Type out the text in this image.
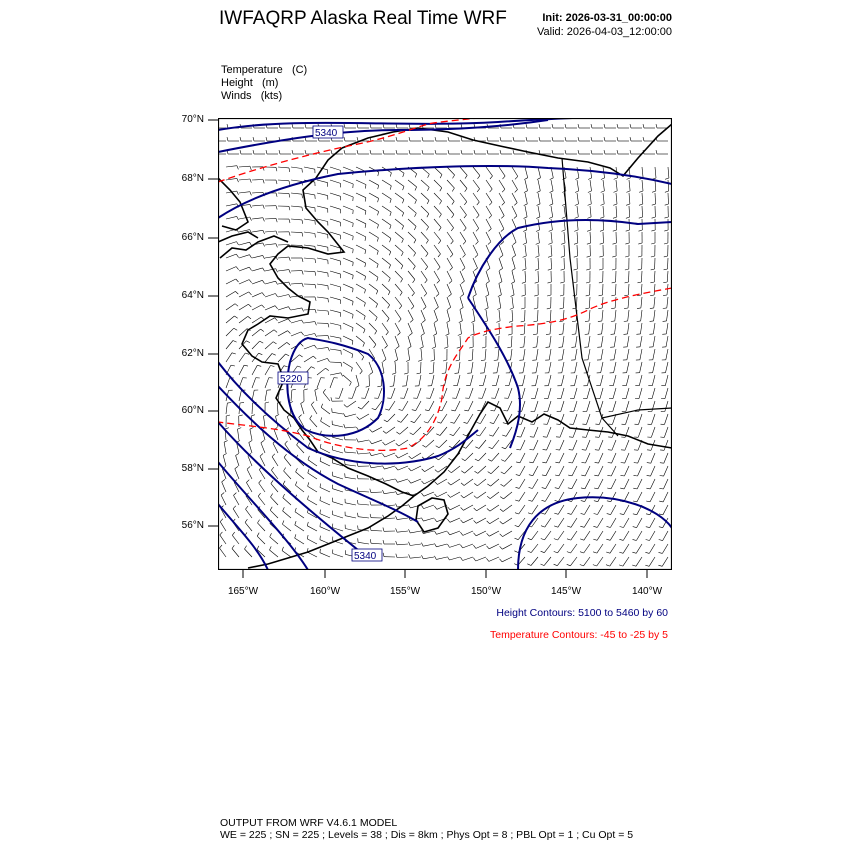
IWFAQRP Alaska Real Time WRF	Init: 2026-03-31_00:00:00
Valid: 2026-04-03_12:00:00
Temperature (C)
Height (m)
Winds (kts)
5340
5220
5340
70°N
68°N
66°N
64°N
62°N
60°N
58°N
56°N
165°W	160°W	155°W	150°W	145°W	140°W
Height Contours: 5100 to 5460 by 60
Temperature Contours: -45 to -25 by 5
OUTPUT FROM WRF V4.6.1 MODEL
WE = 225 ; SN = 225 ; Levels = 38 ; Dis = 8km ; Phys Opt = 8 ; PBL Opt = 1 ; Cu Opt = 5
